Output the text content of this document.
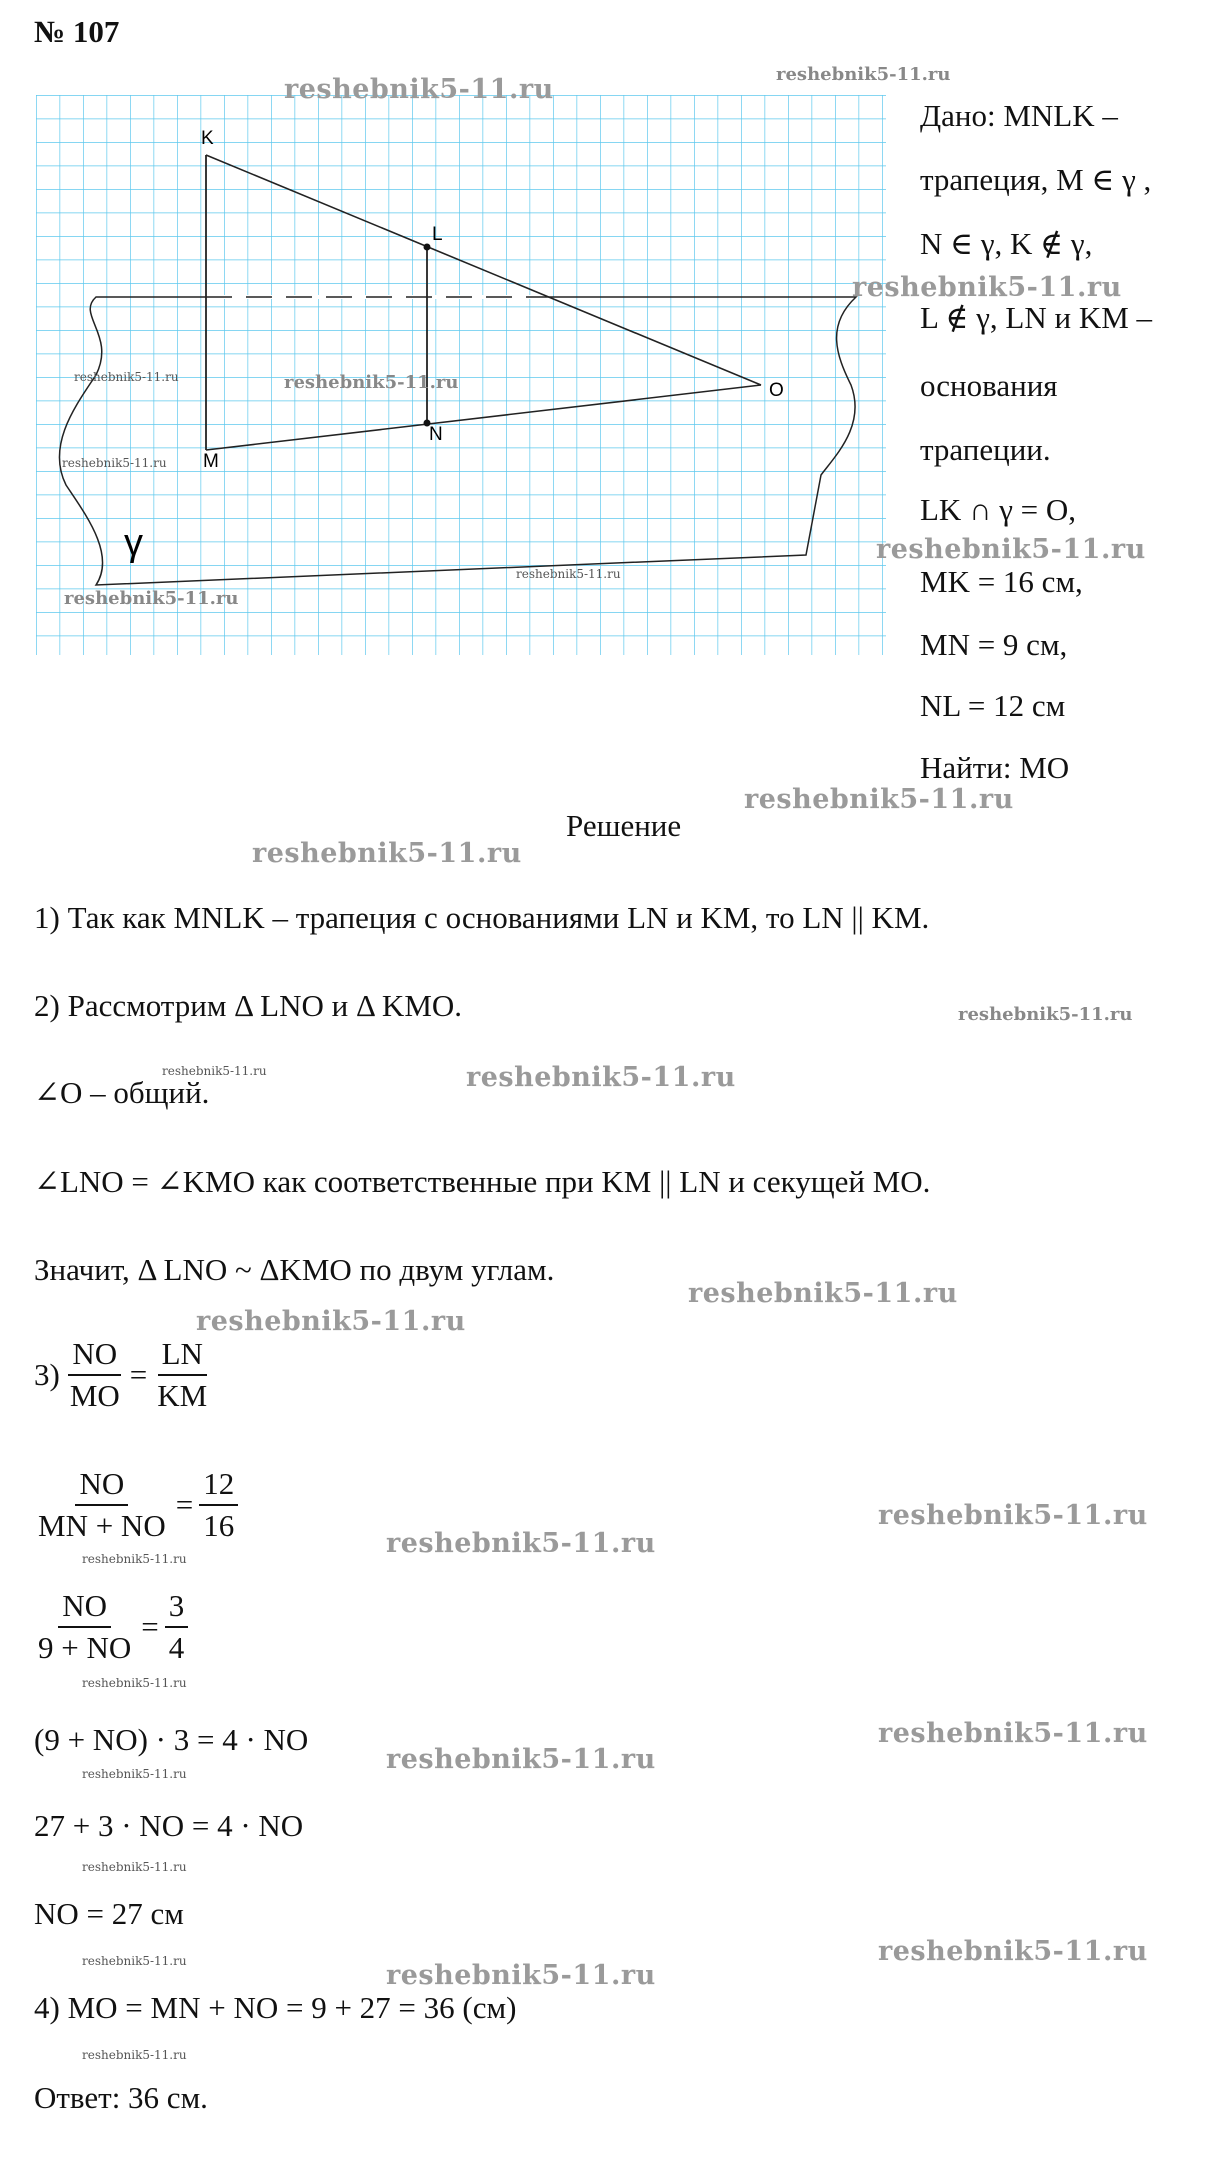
№ 107
K
L
O
M
N
γ
Дано: MNLK –
трапеция, M ∈ γ ,
N ∈ γ, K ∉ γ,
L ∉ γ, LN и KM –
основания
трапеции.
LK ∩ γ = O,
MK = 16 см,
MN = 9 см,
NL = 12 см
Найти: MO
Решение
1) Так как MNLK – трапеция с основаниями LN и KM, то LN || KM.
2) Рассмотрим Δ LNO и Δ KMO.
∠O – общий.
∠LNO = ∠KMO как соответственные при KM || LN и секущей MO.
Значит, Δ LNO ~ ΔKMO по двум углам.
$3) \frac{NO}{MO} = \frac{LN}{KM}$
$\frac{NO}{MN + NO} = \frac{12}{16}$
$\frac{NO}{9 + NO} = \frac{3}{4}$
(9 + NO) · 3 = 4 · NO
27 + 3 · NO = 4 · NO
NO = 27 см
4) MO = MN + NO = 9 + 27 = 36 (см)
Ответ: 36 см.
reshebnik5-11.ru	reshebnik5-11.ru
reshebnik5-11.ru
reshebnik5-11.ru
reshebnik5-11.ru
reshebnik5-11.ru
reshebnik5-11.ru
reshebnik5-11.ru
reshebnik5-11.ru
reshebnik5-11.ru
reshebnik5-11.ru
reshebnik5-11.ru
reshebnik5-11.ru	reshebnik5-11.ru
reshebnik5-11.ru
reshebnik5-11.ru
reshebnik5-11.ru
reshebnik5-11.ru
reshebnik5-11.ru
reshebnik5-11.ru
reshebnik5-11.ru
reshebnik5-11.ru
reshebnik5-11.ru
reshebnik5-11.ru
reshebnik5-11.ru	reshebnik5-11.ru
reshebnik5-11.ru
reshebnik5-11.ru
